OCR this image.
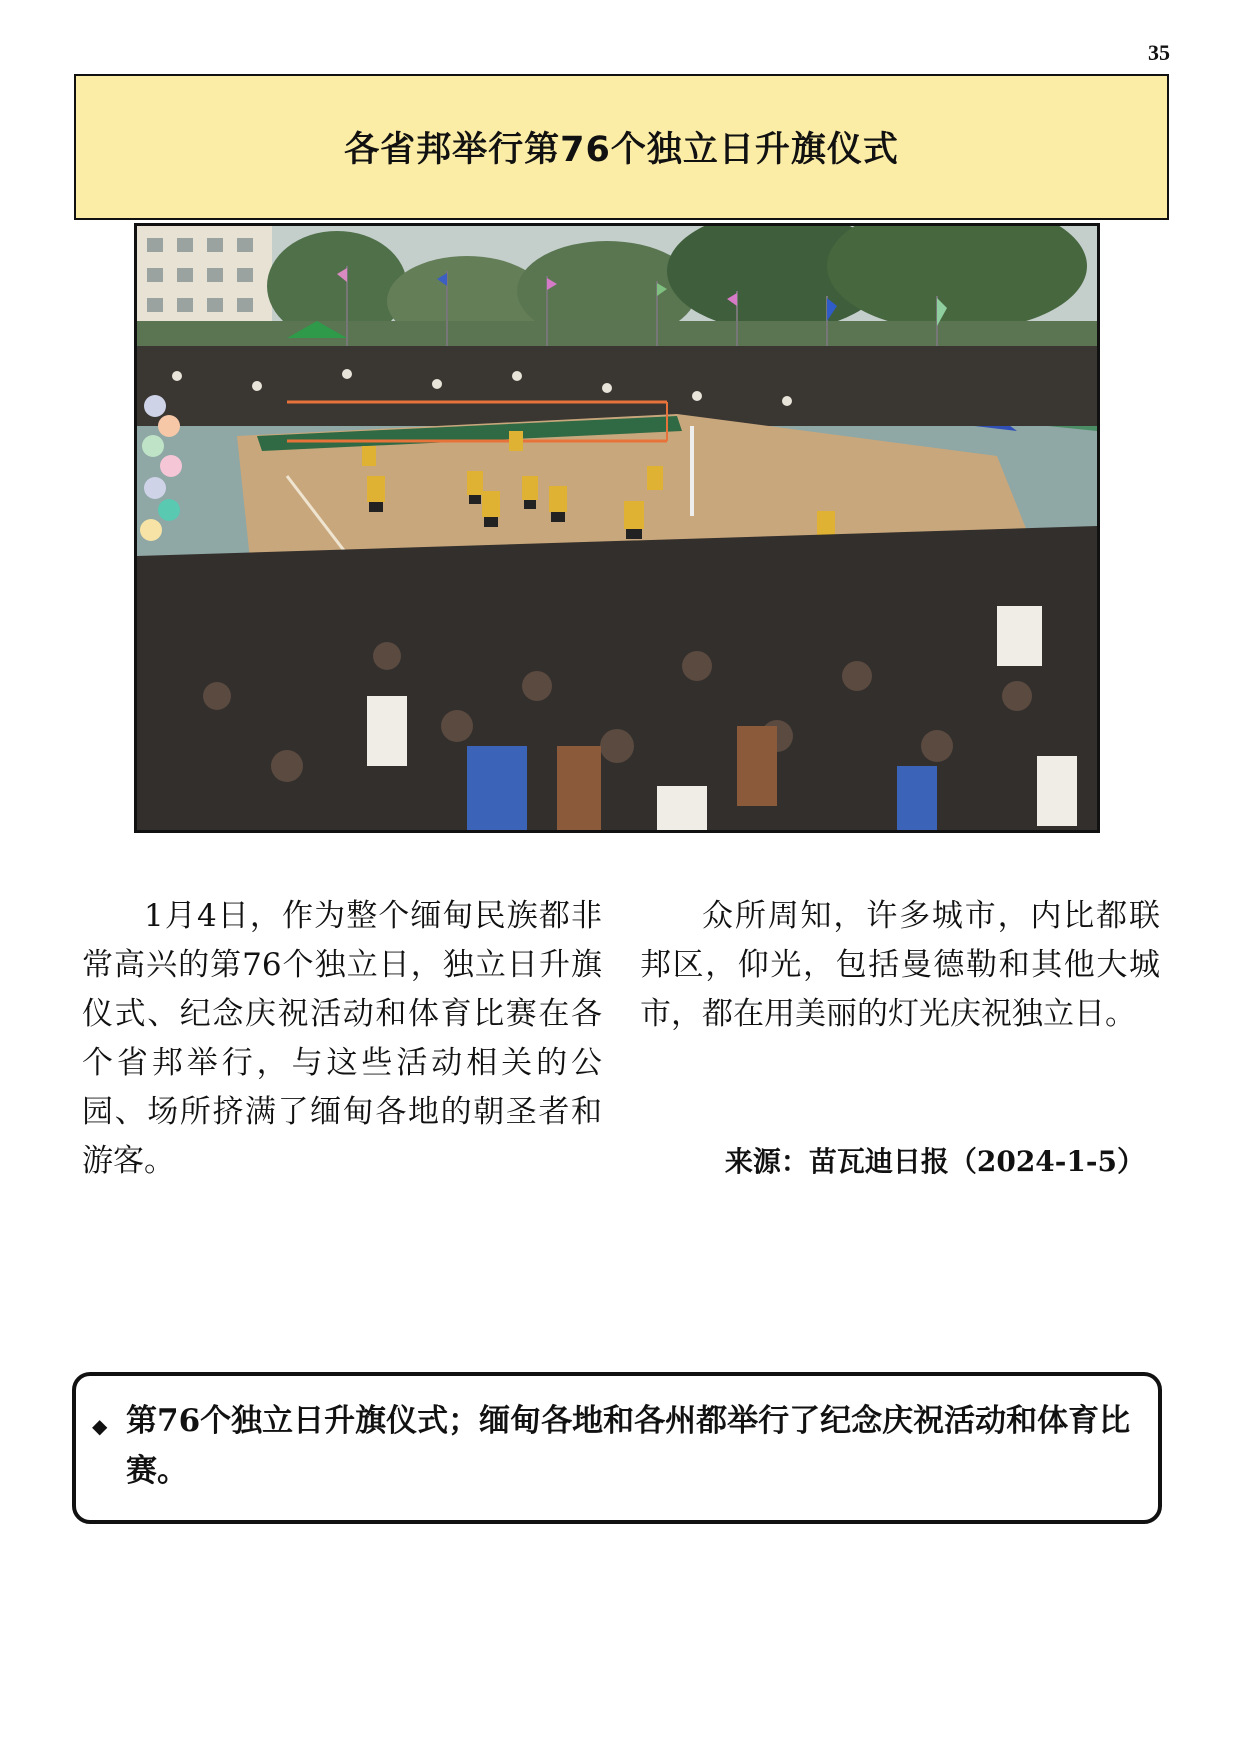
35
各省邦举行第76个独立日升旗仪式

1月4日，作为整个缅甸民族都非常高兴的第76个独立日，独立日升旗仪式、纪念庆祝活动和体育比赛在各个省邦举行，与这些活动相关的公园、场所挤满了缅甸各地的朝圣者和游客。

众所周知，许多城市，内比都联邦区，仰光，包括曼德勒和其他大城市，都在用美丽的灯光庆祝独立日。

来源：苗瓦迪日报（2024-1-5）
◆ 第76个独立日升旗仪式；缅甸各地和各州都举行了纪念庆祝活动和体育比赛。
